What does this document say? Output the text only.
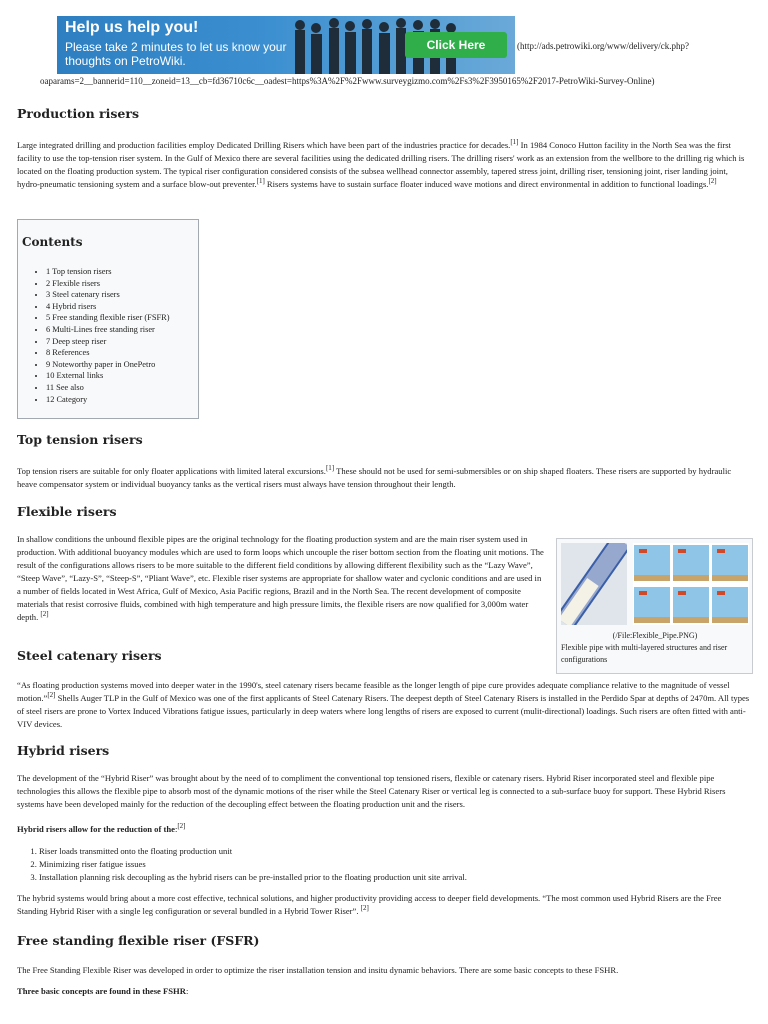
Help us help you!
Please take 2 minutes to let us know your thoughts on PetroWiki.
Click Here	(http://ads.petrowiki.org/www/delivery/ck.php?
oaparams=2__bannerid=110__zoneid=13__cb=fd36710c6c__oadest=https%3A%2F%2Fwww.surveygizmo.com%2Fs3%2F3950165%2F2017-PetroWiki-Survey-Online)
Production risers
Large integrated drilling and production facilities employ Dedicated Drilling Risers which have been part of the industries practice for decades.[1] In 1984 Conoco Hutton facility in the North Sea was the first facility to use the top-tension riser system. In the Gulf of Mexico there are several facilities using the dedicated drilling risers. The drilling risers' work as an extension from the wellbore to the drilling rig which is located on the floating production system. The typical riser configuration considered consists of the subsea wellhead connector assembly, tapered stress joint, drilling riser, tensioning joint, riser landing joint, hydro-pneumatic tensioning system and a surface blow-out preventer.[1] Risers systems have to sustain surface floater induced wave motions and direct environmental in addition to functional loadings.[2]
Contents
• 1 Top tension risers
• 2 Flexible risers
• 3 Steel catenary risers
• 4 Hybrid risers
• 5 Free standing flexible riser (FSFR)
• 6 Multi-Lines free standing riser
• 7 Deep steep riser
• 8 References
• 9 Noteworthy paper in OnePetro
• 10 External links
• 11 See also
• 12 Category
Top tension risers
Top tension risers are suitable for only floater applications with limited lateral excursions.[1] These should not be used for semi-submersibles or on ship shaped floaters. These risers are supported by hydraulic heave compensator system or individual buoyancy tanks as the vertical risers must always have tension throughout their length.
Flexible risers
In shallow conditions the unbound flexible pipes are the original technology for the floating production system and are the main riser system used in production. With additional buoyancy modules which are used to form loops which uncouple the riser bottom section from the floating unit motions. The result of the configurations allows risers to be more suitable to the different field conditions by allowing different flexibility such as the “Lazy Wave”, “Steep Wave”, “Lazy-S”, “Steep-S”, “Pliant Wave”, etc. Flexible riser systems are appropriate for shallow water and cyclonic conditions and are used in a number of fields located in West Africa, Gulf of Mexico, Asia Pacific regions, Brazil and in the North Sea. The recent development of composite materials that resist corrosive fluids, combined with high temperature and high pressure limits, the flexible risers are now qualified for 3,000m water depth. [2]
(/File:Flexible_Pipe.PNG)
Flexible pipe with multi-layered structures and riser configurations
Steel catenary risers
“As floating production systems moved into deeper water in the 1990's, steel catenary risers became feasible as the longer length of pipe cure provides adequate compliance relative to the magnitude of vessel motion.”[2] Shells Auger TLP in the Gulf of Mexico was one of the first applicants of Steel Catenary Risers. The deepest depth of Steel Catenary Risers is installed in the Perdido Spar at depths of 2470m. All types of steel risers are prone to Vortex Induced Vibrations fatigue issues, particularly in deep waters where long lengths of risers are exposed to current (mulit-directional) loadings. Such risers are often fitted with anti- VIV devices.
Hybrid risers
The development of the “Hybrid Riser” was brought about by the need of to compliment the conventional top tensioned risers, flexible or catenary risers. Hybrid Riser incorporated steel and flexible pipe technologies this allows the flexible pipe to absorb most of the dynamic motions of the riser while the Steel Catenary Riser or vertical leg is connected to a sub-surface buoy for support. These Hybrid Risers systems have been developed mainly for the reduction of the decoupling effect between the floating production unit and the risers.
Hybrid risers allow for the reduction of the:[2]
1. Riser loads transmitted onto the floating production unit
2. Minimizing riser fatigue issues
3. Installation planning risk decoupling as the hybrid risers can be pre-installed prior to the floating production unit site arrival.
The hybrid systems would bring about a more cost effective, technical solutions, and higher productivity providing access to deeper field developments. “The most common used Hybrid Risers are the Free Standing Hybrid Riser with a single leg configuration or several bundled in a Hybrid Tower Riser”. [2]
Free standing flexible riser (FSFR)
The Free Standing Flexible Riser was developed in order to optimize the riser installation tension and insitu dynamic behaviors. There are some basic concepts to these FSHR.
Three basic concepts are found in these FSHR:
